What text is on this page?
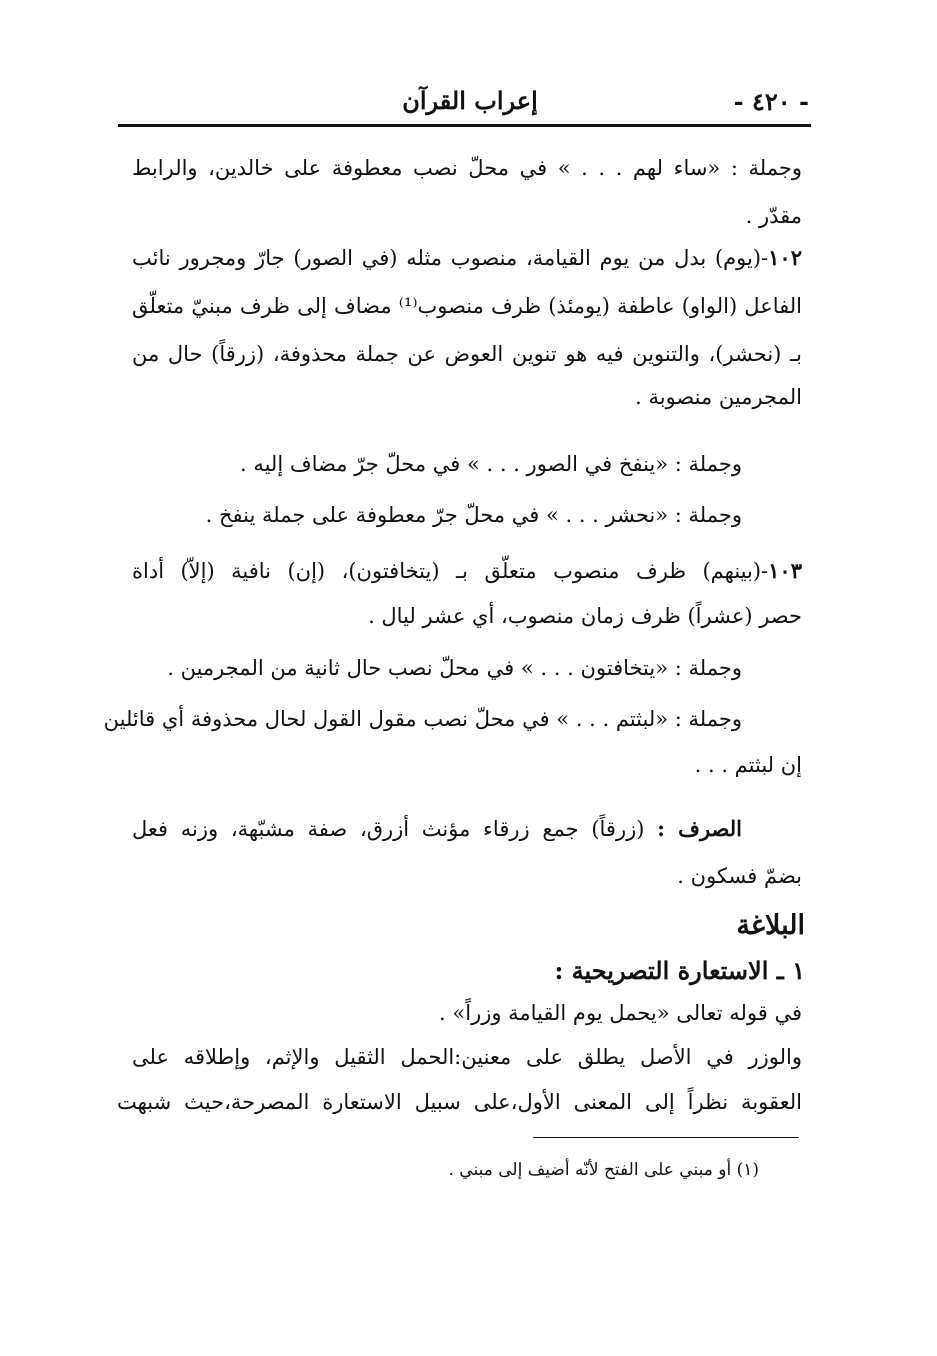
إعراب القرآن	- ٤٢٠ -
وجملة : «ساء لهم . . . » في محلّ نصب معطوفة على خالدين، والرابط
مقدّر .
١٠٢-(يوم) بدل من يوم القيامة، منصوب مثله (في الصور) جارّ ومجرور نائب
الفاعل (الواو) عاطفة (يومئذ) ظرف منصوب⁽¹⁾ مضاف إلى ظرف مبنيّ متعلّق
بـ (نحشر)، والتنوين فيه هو تنوين العوض عن جملة محذوفة، (زرقاً) حال من
المجرمين منصوبة .
وجملة : «ينفخ في الصور . . . » في محلّ جرّ مضاف إليه .
وجملة : «نحشر . . . » في محلّ جرّ معطوفة على جملة ينفخ .
١٠٣-(بينهم) ظرف منصوب متعلّق بـ (يتخافتون)، (إن) نافية (إلاّ) أداة
حصر (عشراً) ظرف زمان منصوب، أي عشر ليال .
وجملة : «يتخافتون . . . » في محلّ نصب حال ثانية من المجرمين .
وجملة : «لبثتم . . . » في محلّ نصب مقول القول لحال محذوفة أي قائلين
إن لبثتم . . .
الصرف : (زرقاً) جمع زرقاء مؤنث أزرق، صفة مشبّهة، وزنه فعل
بضمّ فسكون .
البلاغة
١ ـ الاستعارة التصريحية :
في قوله تعالى «يحمل يوم القيامة وزراً» .
والوزر في الأصل يطلق على معنين:الحمل الثقيل والإثم، وإطلاقه على
العقوبة نظراً إلى المعنى الأول،على سبيل الاستعارة المصرحة،حيث شبهت
(١) أو مبني على الفتح لأنّه أضيف إلى مبني .
